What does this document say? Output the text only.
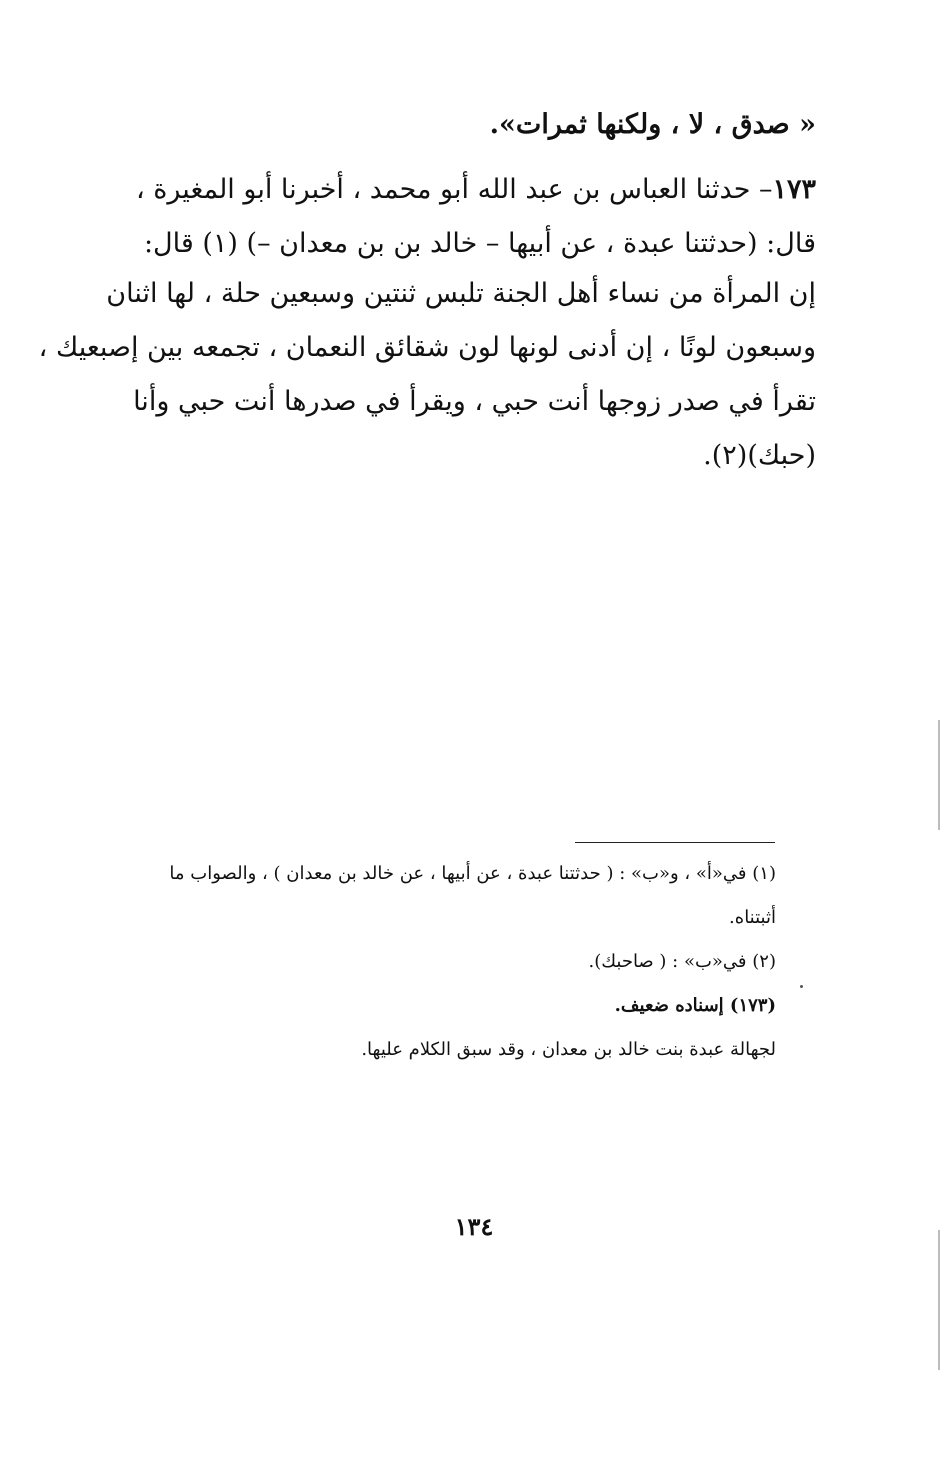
« صدق ، لا ، ولكنها ثمرات».
١٧٣– حدثنا العباس بن عبد الله أبو محمد ، أخبرنا أبو المغيرة ،
قال: (حدثتنا عبدة ، عن أبيها – خالد بن بن معدان –) (١) قال:
إن المرأة من نساء أهل الجنة تلبس ثنتين وسبعين حلة ، لها اثنان
وسبعون لونًا ، إن أدنى لونها لون شقائق النعمان ، تجمعه بين إصبعيك ،
تقرأ في صدر زوجها أنت حبي ، ويقرأ في صدرها أنت حبي وأنا
(حبك)(٢).
(١) في«أ» ، و«ب» : ( حدثتنا عبدة ، عن أبيها ، عن خالد بن معدان ) ، والصواب ما
أثبتناه.
(٢) في«ب» : ( صاحبك).
(١٧٣) إسناده ضعيف.
لجهالة عبدة بنت خالد بن معدان ، وقد سبق الكلام عليها.
١٣٤
